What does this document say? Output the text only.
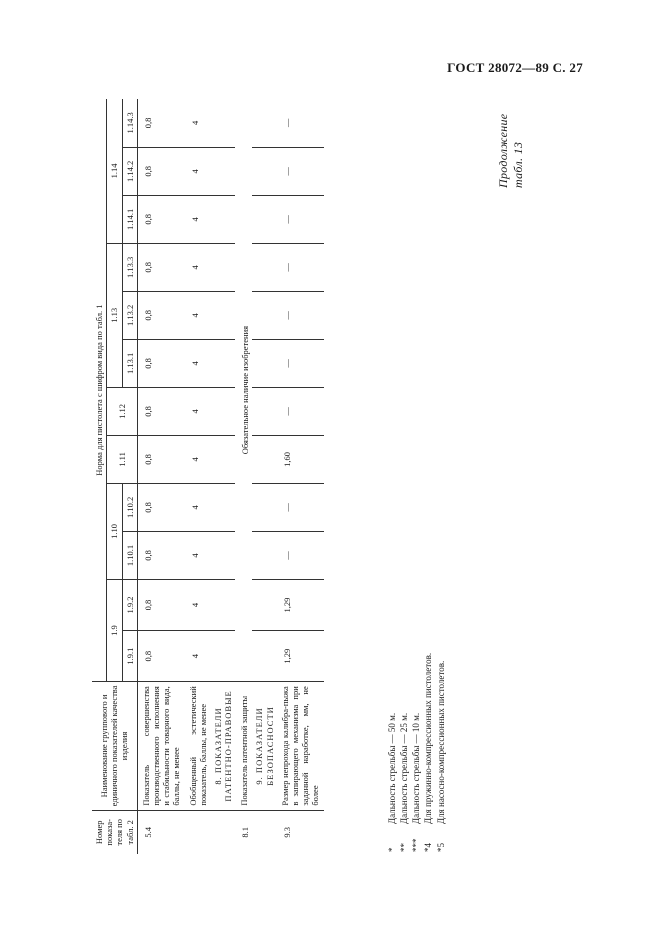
ГОСТ 28072—89 С. 27
Продолжение табл. 13
Номер показа-теля по табл. 2	Наименование группового и единичного показателей качества изделия	Норма для пистолета с шифром вида по табл. 1											
		1.9		1.10		1.11	1.12	1.13			1.14		
		1.9.1	1.9.2	1.10.1	1.10.2			1.13.1	1.13.2	1.13.3	1.14.1	1.14.2	1.14.3
5.4	Показатель совершенства производственного исполнения и стабильности товарного вида, баллы, не менее	0,8	0,8	0,8	0,8	0,8	0,8	0,8	0,8	0,8	0,8	0,8	0,8
	Обобщенный эстетический показатель, баллы, не менее	4	4	4	4	4	4	4	4	4	4	4	4
	8. ПОКАЗАТЕЛИ ПАТЕНТНО-ПРАВОВЫЕ												
8.1	Показатель патентной защиты	Обязательное наличие изобретения											
	9. ПОКАЗАТЕЛИ БЕЗОПАСНОСТИ												
9.3	Размер непрохода калибра-пыжа в запирающего механизма при заданной наработке, мм, не более	1,29	1,29	—	—	1,60	—	—	—	—	—	—	—
*
Дальность стрельбы — 50 м.
**
Дальность стрельбы — 25 м.
***
Дальность стрельбы — 10 м.
*4
Для пружинно-компрессионных пистолетов.
*5
Для насосно-компрессионных пистолетов.
